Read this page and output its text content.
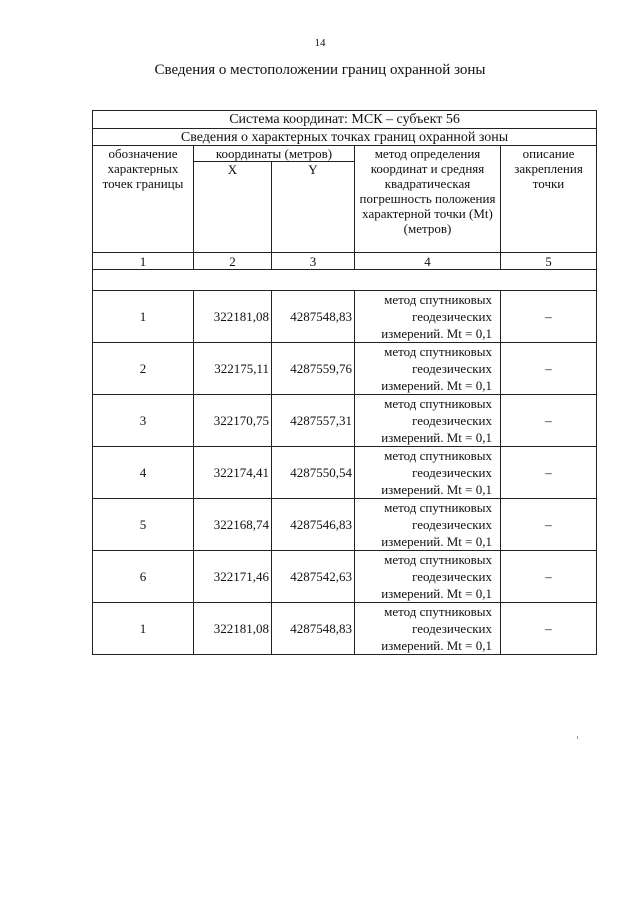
14
Сведения о местоположении границ охранной зоны
Система координат: МСК – субъект 56				
Сведения о характерных точках границ охранной зоны				
обозначение характерных точек границы	координаты (метров)		метод определения координат и средняя квадратическая погрешность положения характерной точки (Mt) (метров)	описание закрепления точки
	X	Y		
1	2	3	4	5

1	322181,08	4287548,83	метод спутниковых геодезических измерений. Mt = 0,1	–
2	322175,11	4287559,76	метод спутниковых геодезических измерений. Mt = 0,1	–
3	322170,75	4287557,31	метод спутниковых геодезических измерений. Mt = 0,1	–
4	322174,41	4287550,54	метод спутниковых геодезических измерений. Mt = 0,1	–
5	322168,74	4287546,83	метод спутниковых геодезических измерений. Mt = 0,1	–
6	322171,46	4287542,63	метод спутниковых геодезических измерений. Mt = 0,1	–
1	322181,08	4287548,83	метод спутниковых геодезических измерений. Mt = 0,1	–
